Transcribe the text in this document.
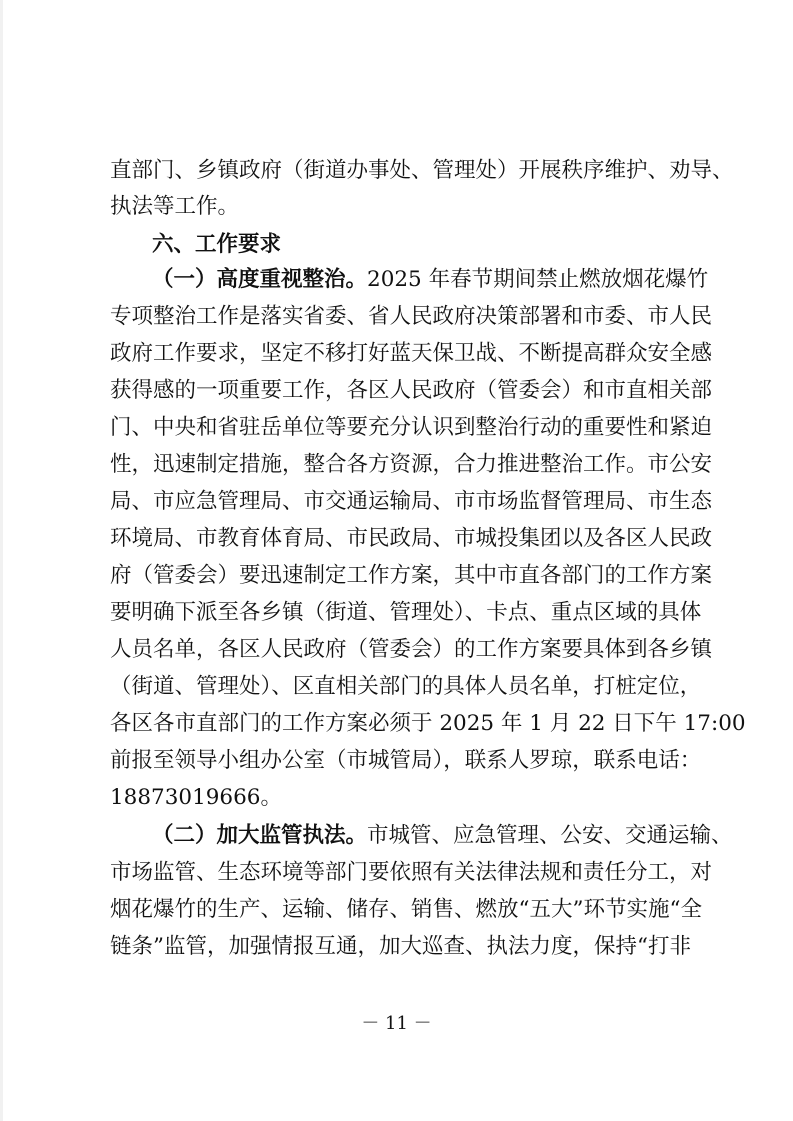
直部门、乡镇政府（街道办事处、管理处）开展秩序维护、劝导、
执法等工作。
六、工作要求
（一）高度重视整治。2025 年春节期间禁止燃放烟花爆竹
专项整治工作是落实省委、省人民政府决策部署和市委、市人民
政府工作要求，坚定不移打好蓝天保卫战、不断提高群众安全感
获得感的一项重要工作，各区人民政府（管委会）和市直相关部
门、中央和省驻岳单位等要充分认识到整治行动的重要性和紧迫
性，迅速制定措施，整合各方资源，合力推进整治工作。市公安
局、市应急管理局、市交通运输局、市市场监督管理局、市生态
环境局、市教育体育局、市民政局、市城投集团以及各区人民政
府（管委会）要迅速制定工作方案，其中市直各部门的工作方案
要明确下派至各乡镇（街道、管理处）、卡点、重点区域的具体
人员名单，各区人民政府（管委会）的工作方案要具体到各乡镇
（街道、管理处）、区直相关部门的具体人员名单，打桩定位，
各区各市直部门的工作方案必须于 2025 年 1 月 22 日下午 17:00
前报至领导小组办公室（市城管局），联系人罗琼，联系电话：
18873019666。
（二）加大监管执法。市城管、应急管理、公安、交通运输、
市场监管、生态环境等部门要依照有关法律法规和责任分工，对
烟花爆竹的生产、运输、储存、销售、燃放“五大”环节实施“全
链条”监管，加强情报互通，加大巡查、执法力度，保持“打非
－ 11 －
